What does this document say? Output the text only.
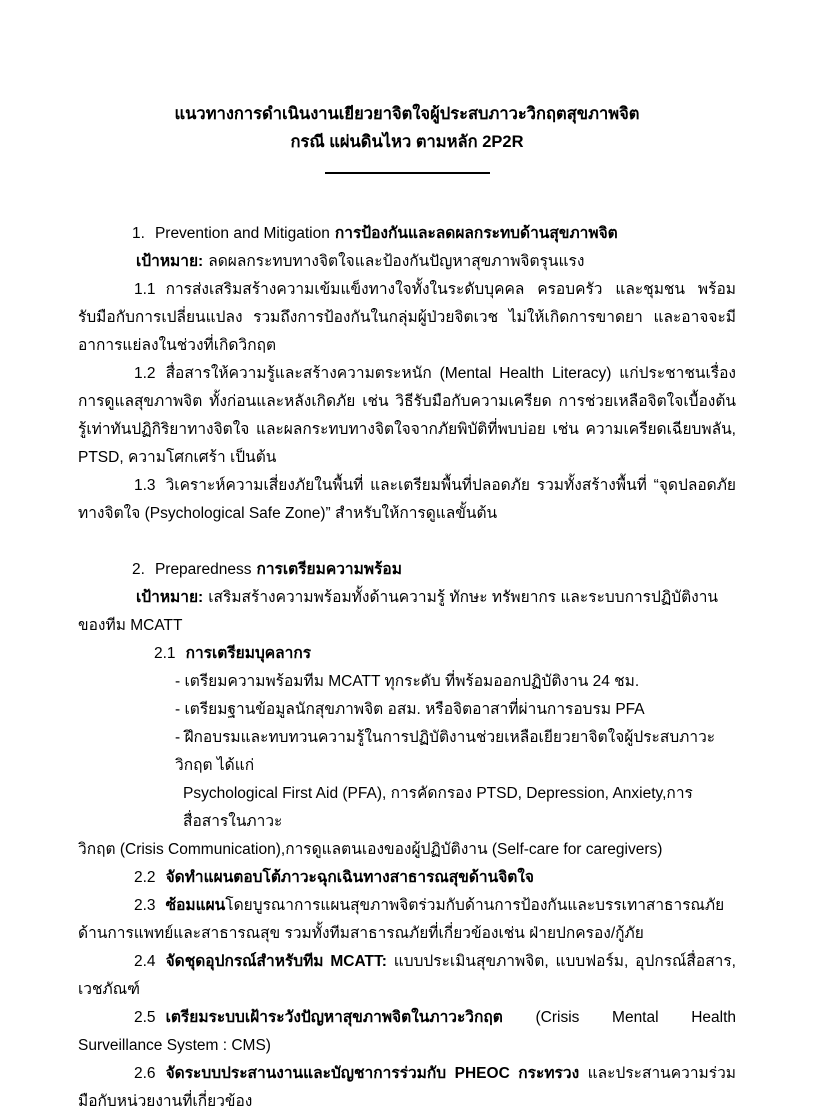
แนวทางการดำเนินงานเยียวยาจิตใจผู้ประสบภาวะวิกฤตสุขภาพจิต

กรณี แผ่นดินไหว ตามหลัก 2P2R

1. Prevention and Mitigation การป้องกันและลดผลกระทบด้านสุขภาพจิต

เป้าหมาย: ลดผลกระทบทางจิตใจและป้องกันปัญหาสุขภาพจิตรุนแรง

1.1 การส่งเสริมสร้างความเข้มแข็งทางใจทั้งในระดับบุคคล ครอบครัว และชุมชน พร้อมรับมือกับการเปลี่ยนแปลง รวมถึงการป้องกันในกลุ่มผู้ป่วยจิตเวช ไม่ให้เกิดการขาดยา และอาจจะมีอาการแย่ลงในช่วงที่เกิดวิกฤต

1.2 สื่อสารให้ความรู้และสร้างความตระหนัก (Mental Health Literacy) แก่ประชาชนเรื่องการดูแลสุขภาพจิต ทั้งก่อนและหลังเกิดภัย เช่น วิธีรับมือกับความเครียด การช่วยเหลือจิตใจเบื้องต้น รู้เท่าทันปฏิกิริยาทางจิตใจ และผลกระทบทางจิตใจจากภัยพิบัติที่พบบ่อย เช่น ความเครียดเฉียบพลัน, PTSD, ความโศกเศร้า เป็นต้น

1.3 วิเคราะห์ความเสี่ยงภัยในพื้นที่ และเตรียมพื้นที่ปลอดภัย รวมทั้งสร้างพื้นที่ “จุดปลอดภัยทางจิตใจ (Psychological Safe Zone)” สำหรับให้การดูแลขั้นต้น

2. Preparedness การเตรียมความพร้อม

เป้าหมาย: เสริมสร้างความพร้อมทั้งด้านความรู้ ทักษะ ทรัพยากร และระบบการปฏิบัติงานของทีม MCATT

2.1 การเตรียมบุคลากร

- เตรียมความพร้อมทีม MCATT ทุกระดับ ที่พร้อมออกปฏิบัติงาน 24 ชม.

- เตรียมฐานข้อมูลนักสุขภาพจิต อสม. หรือจิตอาสาที่ผ่านการอบรม PFA

- ฝึกอบรมและทบทวนความรู้ในการปฏิบัติงานช่วยเหลือเยียวยาจิตใจผู้ประสบภาวะวิกฤต ได้แก่

Psychological First Aid (PFA), การคัดกรอง PTSD, Depression, Anxiety,การสื่อสารในภาวะ

วิกฤต (Crisis Communication),การดูแลตนเองของผู้ปฏิบัติงาน (Self-care for caregivers)

2.2 จัดทำแผนตอบโต้ภาวะฉุกเฉินทางสาธารณสุขด้านจิตใจ

2.3 ซ้อมแผนโดยบูรณาการแผนสุขภาพจิตร่วมกับด้านการป้องกันและบรรเทาสาธารณภัยด้านการแพทย์และสาธารณสุข รวมทั้งทีมสาธารณภัยที่เกี่ยวข้องเช่น ฝ่ายปกครอง/กู้ภัย

2.4 จัดชุดอุปกรณ์สำหรับทีม MCATT: แบบประเมินสุขภาพจิต, แบบฟอร์ม, อุปกรณ์สื่อสาร, เวชภัณฑ์

2.5 เตรียมระบบเฝ้าระวังปัญหาสุขภาพจิตในภาวะวิกฤต (Crisis Mental Health Surveillance System : CMS)

2.6 จัดระบบประสานงานและบัญชาการร่วมกับ PHEOC กระทรวง และประสานความร่วมมือกับหน่วยงานที่เกี่ยวข้อง
